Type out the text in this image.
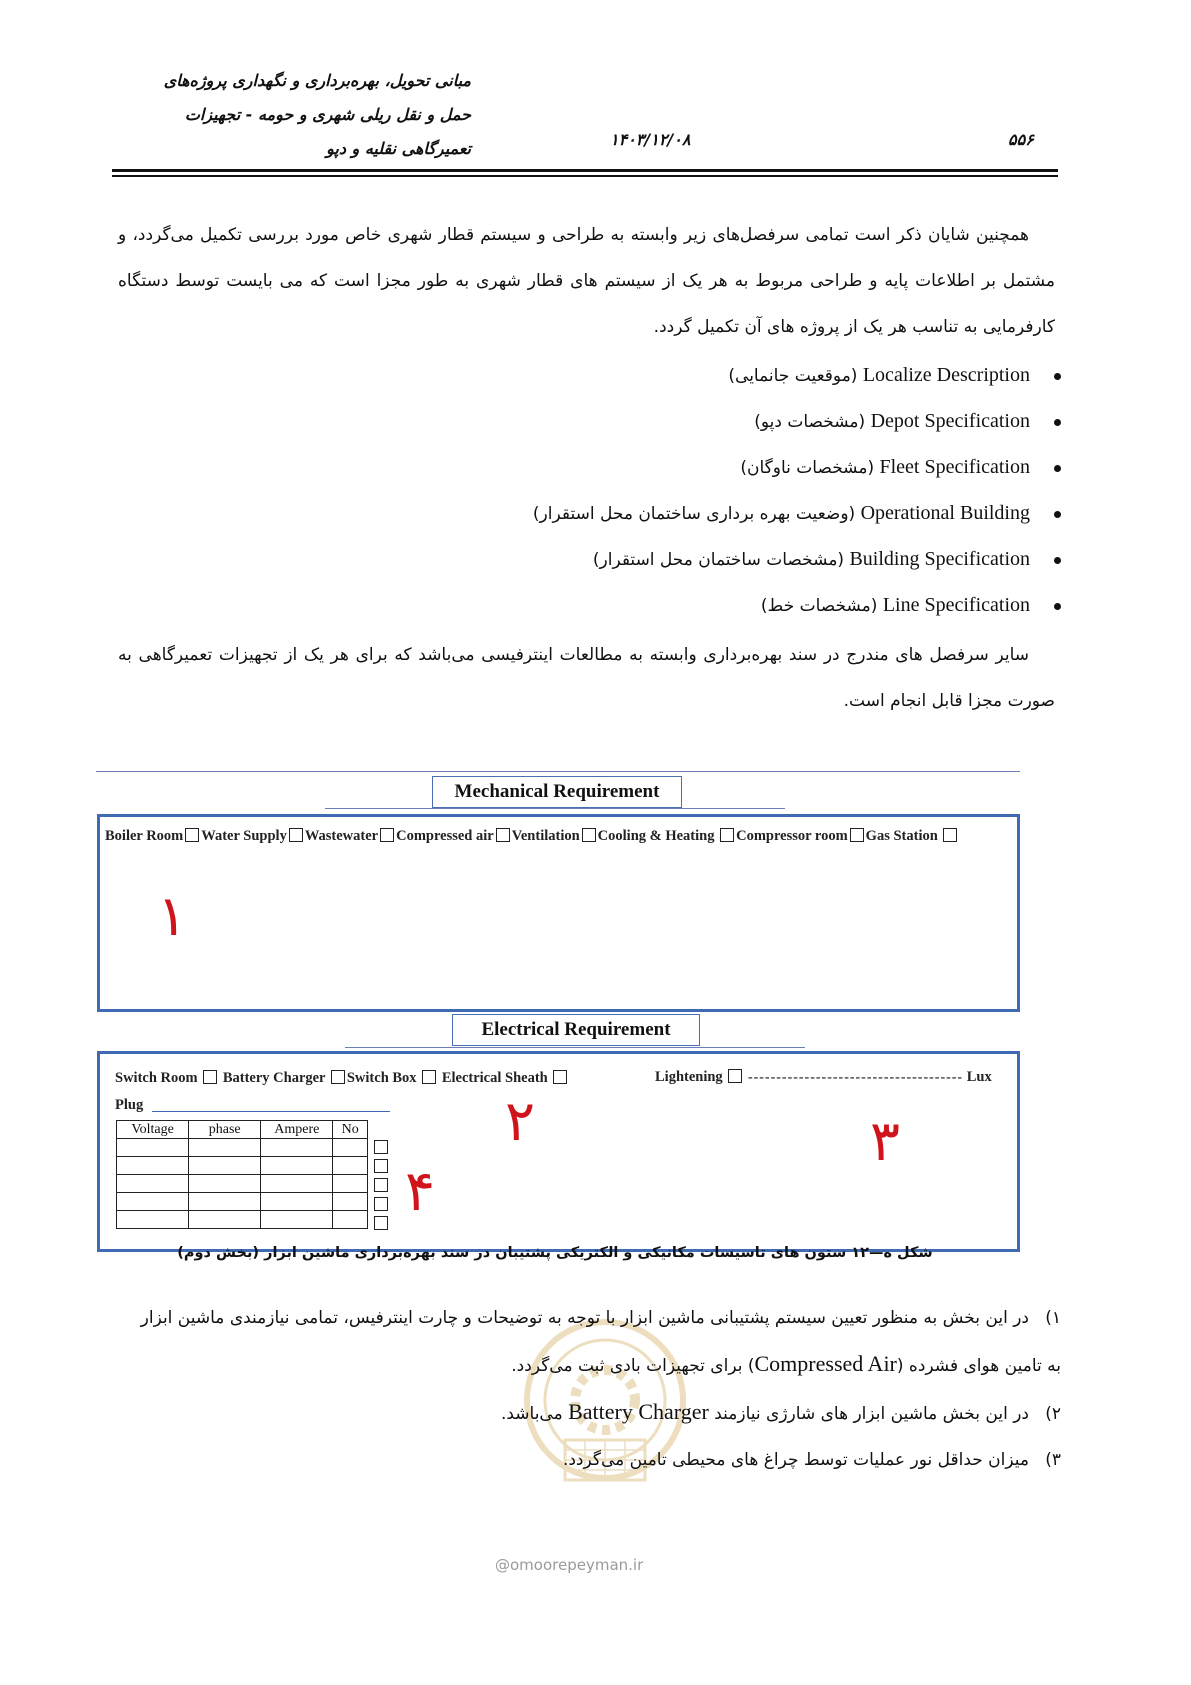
مبانی تحویل، بهره‌برداری و نگهداری پروژه‌های
حمل و نقل ریلی شهری و حومه - تجهیزات
تعمیرگاهی نقلیه و دپو	۱۴۰۳/۱۲/۰۸	۵۵۶
همچنین شایان ذکر است تمامی سرفصل‌های زیر وابسته به طراحی و سیستم قطار شهری خاص مورد بررسی تکمیل می‌گردد، و مشتمل بر اطلاعات پایه و طراحی مربوط به هر یک از سیستم های قطار شهری به طور مجزا است که می بایست توسط دستگاه کارفرمایی به تناسب هر یک از پروژه های آن تکمیل گردد.
Localize Description (موقعیت جانمایی)
Depot Specification (مشخصات دپو)
Fleet Specification (مشخصات ناوگان)
Operational Building (وضعیت بهره برداری ساختمان محل استقرار)
Building Specification (مشخصات ساختمان محل استقرار)
Line Specification (مشخصات خط)
سایر سرفصل های مندرج در سند بهره‌برداری وابسته به مطالعات اینترفیسی می‌باشد که برای هر یک از تجهیزات تعمیرگاهی به صورت مجزا قابل انجام است.
Mechanical Requirement
Boiler Room Water Supply Wastewater Compressed air Ventilation Cooling & Heating Compressor room Gas Station
۱
Electrical Requirement
Switch Room Battery Charger Switch Box Electrical Sheath	Lightening -------------------------------------- Lux
Plug
Voltage	phase	Ampere	No

				۲	۳
۴
شکل ه—۱۲ ستون های تاسیسات مکانیکی و الکتریکی پشتیبان در سند بهره‌برداری ماشین ابزار (بخش دوم)
@omoorepeyman.ir
۱)در این بخش به منظور تعیین سیستم پشتیبانی ماشین ابزار با توجه به توضیحات و چارت اینترفیس، تمامی نیازمندی ماشین ابزار به تامین هوای فشرده (Compressed Air) برای تجهیزات بادی ثبت می‌گردد.
۲)در این بخش ماشین ابزار های شارژی نیازمند Battery Charger می‌باشد.
۳)میزان حداقل نور عملیات توسط چراغ های محیطی تامین می‌گردد.
